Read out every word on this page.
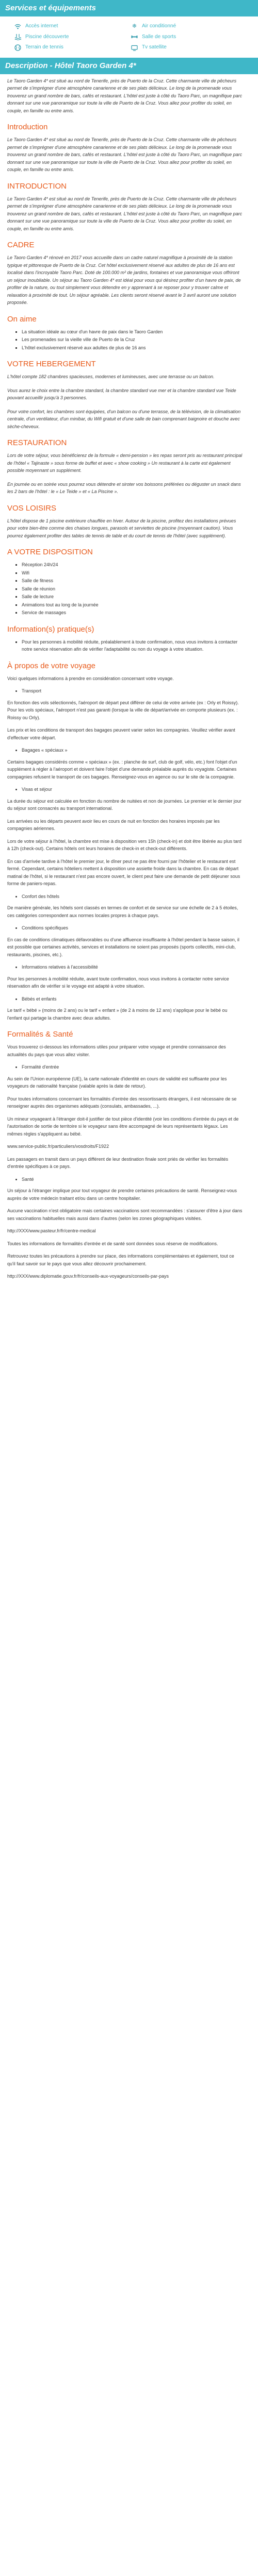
Services et équipements
Accès internet	❄ Air conditionné
Piscine découverte	Salle de sports
Terrain de tennis	Tv satellite
Description - Hôtel Taoro Garden 4*

Le Taoro Garden 4* est situé au nord de Tenerife, près de Puerto de la Cruz. Cette charmante ville de pêcheurs permet de s'imprégner d'une atmosphère canarienne et de ses plats délicieux. Le long de la promenade vous trouverez un grand nombre de bars, cafés et restaurant. L'hôtel est juste à côté du Taoro Parc, un magnifique parc donnant sur une vue panoramique sur toute la ville de Puerto de la Cruz. Vous allez pour profiter du soleil, en couple, en famille ou entre amis.

Introduction

Le Taoro Garden 4* est situé au nord de Tenerife, près de Puerto de la Cruz. Cette charmante ville de pêcheurs permet de s'imprégner d'une atmosphère canarienne et de ses plats délicieux. Le long de la promenade vous trouverez un grand nombre de bars, cafés et restaurant. L'hôtel est juste à côté du Taoro Parc, un magnifique parc donnant sur une vue panoramique sur toute la ville de Puerto de la Cruz. Vous allez pour profiter du soleil, en couple, en famille ou entre amis.

INTRODUCTION

Le Taoro Garden 4* est situé au nord de Tenerife, près de Puerto de la Cruz. Cette charmante ville de pêcheurs permet de s'imprégner d'une atmosphère canarienne et de ses plats délicieux. Le long de la promenade vous trouverez un grand nombre de bars, cafés et restaurant. L'hôtel est juste à côté du Taoro Parc, un magnifique parc donnant sur une vue panoramique sur toute la ville de Puerto de la Cruz. Vous allez pour profiter du soleil, en couple, en famille ou entre amis.

CADRE

Le Taoro Garden 4* rénové en 2017 vous accueille dans un cadre naturel magnifique à proximité de la station typique et pittoresque de Puerto de la Cruz. Cet hôtel exclusivement réservé aux adultes de plus de 16 ans est localisé dans l'incroyable Taoro Parc. Doté de 100.000 m² de jardins, fontaines et vue panoramique vous offriront un séjour inoubliable. Un séjour au Taoro Garden 4* est idéal pour vous qui désirez profiter d'un havre de paix, de profiter de la nature, ou tout simplement vous détendre en y apprenant à se reposer pour y trouver calme et relaxation à proximité de tout. Un séjour agréable. Les clients seront réservé avant le 3 avril auront une solution proposée.

On aime
▪ La situation idéale au cœur d'un havre de paix dans le Taoro Garden
▪ Les promenades sur la vieille ville de Puerto de la Cruz
▪ L'hôtel exclusivement réservé aux adultes de plus de 16 ans
VOTRE HEBERGEMENT

L'hôtel compte 182 chambres spacieuses, modernes et lumineuses, avec une terrasse ou un balcon.

Vous aurez le choix entre la chambre standard, la chambre standard vue mer et la chambre standard vue Teide pouvant accueillir jusqu'à 3 personnes.

Pour votre confort, les chambres sont équipées, d'un balcon ou d'une terrasse, de la télévision, de la climatisation centrale, d'un ventilateur, d'un minibar, du Wifi gratuit et d'une salle de bain comprenant baignoire et douche avec sèche-cheveux.

RESTAURATION

Lors de votre séjour, vous bénéficierez de la formule « demi-pension » les repas seront pris au restaurant principal de l'hôtel « Tajinaste » sous forme de buffet et avec « show cooking » Un restaurant à la carte est également possible moyennant un supplément.

En journée ou en soirée vous pourrez vous détendre et siroter vos boissons préférées ou déguster un snack dans les 2 bars de l'hôtel : le « Le Teide » et « La Piscine ».

VOS LOISIRS

L'hôtel dispose de 1 piscine extérieure chauffée en hiver. Autour de la piscine, profitez des installations prévues pour votre bien-être comme des chaises longues, parasols et serviettes de piscine (moyennant caution). Vous pourrez également profiter des tables de tennis de table et du court de tennis de l'hôtel (avec supplément).

A VOTRE DISPOSITION
▪ Réception 24h/24
▪ Wifi
▪ Salle de fitness
▪ Salle de réunion
▪ Salle de lecture
▪ Animations tout au long de la journée
▪ Service de massages
Information(s) pratique(s)
▪ Pour les personnes à mobilité réduite, préalablement à toute confirmation, nous vous invitons à contacter notre service réservation afin de vérifier l'adaptabilité ou non du voyage à votre situation.
À propos de votre voyage

Voici quelques informations à prendre en considération concernant votre voyage.

• Transport

En fonction des vols sélectionnés, l'aéroport de départ peut différer de celui de votre arrivée (ex : Orly et Roissy). Pour les vols spéciaux, l'aéroport n'est pas garanti (lorsque la ville de départ/arrivée en comporte plusieurs (ex. : Roissy ou Orly).

Les prix et les conditions de transport des bagages peuvent varier selon les compagnies. Veuillez vérifier avant d'effectuer votre départ.

• Bagages « spéciaux »

Certains bagages considérés comme « spéciaux » (ex. : planche de surf, club de golf, vélo, etc.) font l'objet d'un supplément à régler à l'aéroport et doivent faire l'objet d'une demande préalable auprès du voyagiste. Certaines compagnies refusent le transport de ces bagages. Renseignez-vous en agence ou sur le site de la compagnie.

• Visas et séjour

La durée du séjour est calculée en fonction du nombre de nuitées et non de journées. Le premier et le dernier jour du séjour sont consacrés au transport international.

Les arrivées ou les départs peuvent avoir lieu en cours de nuit en fonction des horaires imposés par les compagnies aériennes.

Lors de votre séjour à l'hôtel, la chambre est mise à disposition vers 15h (check-in) et doit être libérée au plus tard à 12h (check-out). Certains hôtels ont leurs horaires de check-in et check-out différents.

En cas d'arrivée tardive à l'hôtel le premier jour, le dîner peut ne pas être fourni par l'hôtelier et le restaurant est fermé. Cependant, certains hôteliers mettent à disposition une assiette froide dans la chambre. En cas de départ matinal de l'hôtel, si le restaurant n'est pas encore ouvert, le client peut faire une demande de petit déjeuner sous forme de paniers-repas.

• Confort des hôtels

De manière générale, les hôtels sont classés en termes de confort et de service sur une échelle de 2 à 5 étoiles, ces catégories correspondent aux normes locales propres à chaque pays.

• Conditions spécifiques

En cas de conditions climatiques défavorables ou d'une affluence insuffisante à l'hôtel pendant la basse saison, il est possible que certaines activités, services et installations ne soient pas proposés (sports collectifs, mini-club, restaurants, piscines, etc.).

• Informations relatives à l'accessibilité

Pour les personnes à mobilité réduite, avant toute confirmation, nous vous invitons à contacter notre service réservation afin de vérifier si le voyage est adapté à votre situation.

• Bébés et enfants

Le tarif « bébé » (moins de 2 ans) ou le tarif « enfant » (de 2 à moins de 12 ans) s'applique pour le bébé ou l'enfant qui partage la chambre avec deux adultes.

Formalités & Santé

Vous trouverez ci-dessous les informations utiles pour préparer votre voyage et prendre connaissance des actualités du pays que vous allez visiter.

• Formalité d'entrée

Au sein de l'Union européenne (UE), la carte nationale d'identité en cours de validité est suffisante pour les voyageurs de nationalité française (valable après la date de retour).

Pour toutes informations concernant les formalités d'entrée des ressortissants étrangers, il est nécessaire de se renseigner auprès des organismes adéquats (consulats, ambassades, ...).

Un mineur voyageant à l'étranger doit-il justifier de tout pièce d'identité (voir les conditions d'entrée du pays et de l'autorisation de sortie de territoire si le voyageur sans être accompagné de leurs représentants légaux. Les mêmes règles s'appliquent au bébé.

www.service-public.fr/particuliers/vosdroits/F1922

Les passagers en transit dans un pays différent de leur destination finale sont priés de vérifier les formalités d'entrée spécifiques à ce pays.

• Santé

Un séjour à l'étranger implique pour tout voyageur de prendre certaines précautions de santé. Renseignez-vous auprès de votre médecin traitant et/ou dans un centre hospitalier.

Aucune vaccination n'est obligatoire mais certaines vaccinations sont recommandées : s'assurer d'être à jour dans ses vaccinations habituelles mais aussi dans d'autres (selon les zones géographiques visitées.

http://XXX/www.pasteur.fr/fr/centre-medical

Toutes les informations de formalités d'entrée et de santé sont données sous réserve de modifications.

Retrouvez toutes les précautions à prendre sur place, des informations complémentaires et également, tout ce qu'il faut savoir sur le pays que vous allez découvrir prochainement.

http://XXX/www.diplomatie.gouv.fr/fr/conseils-aux-voyageurs/conseils-par-pays
